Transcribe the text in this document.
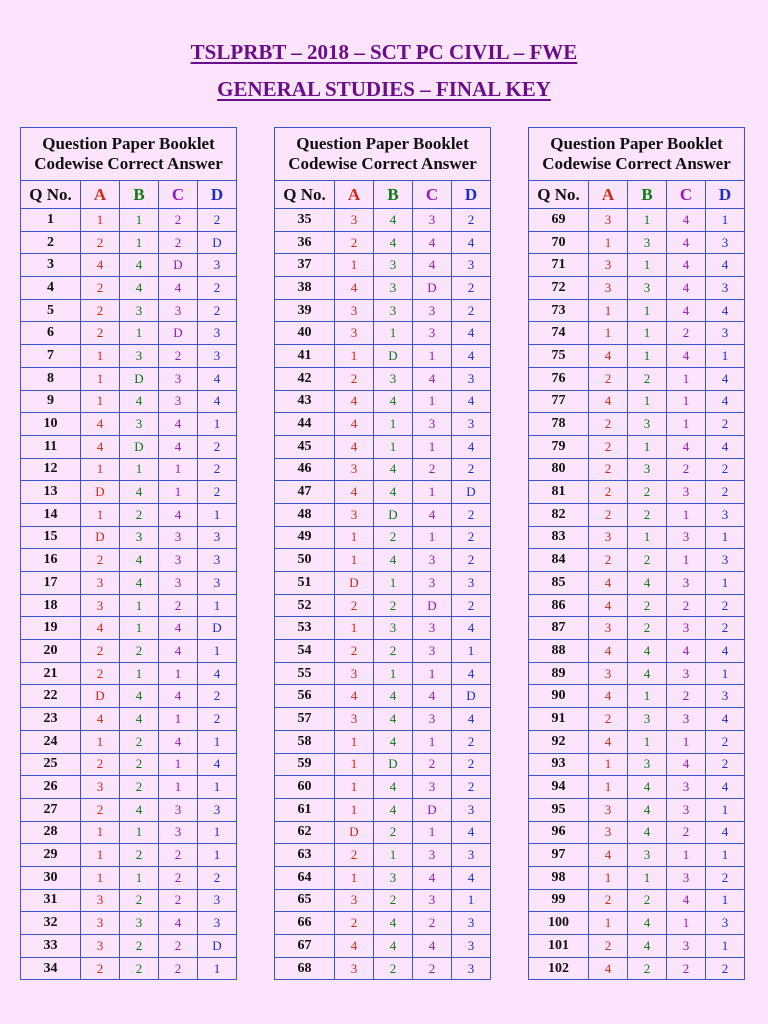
TSLPRBT – 2018 – SCT PC CIVIL – FWE
GENERAL STUDIES – FINAL KEY
Question Paper Booklet
Codewise Correct Answer				

Q No.	A	B	C	D
1	1	1	2	2
2	2	1	2	D
3	4	4	D	3
4	2	4	4	2
5	2	3	3	2
6	2	1	D	3
7	1	3	2	3
8	1	D	3	4
9	1	4	3	4
10	4	3	4	1
11	4	D	4	2
12	1	1	1	2
13	D	4	1	2
14	1	2	4	1
15	D	3	3	3
16	2	4	3	3
17	3	4	3	3
18	3	1	2	1
19	4	1	4	D
20	2	2	4	1
21	2	1	1	4
22	D	4	4	2
23	4	4	1	2
24	1	2	4	1
25	2	2	1	4
26	3	2	1	1
27	2	4	3	3
28	1	1	3	1
29	1	2	2	1
30	1	1	2	2
31	3	2	2	3
32	3	3	4	3
33	3	2	2	D
34	2	2	2	1
Question Paper Booklet
Codewise Correct Answer				

Q No.	A	B	C	D
35	3	4	3	2
36	2	4	4	4
37	1	3	4	3
38	4	3	D	2
39	3	3	3	2
40	3	1	3	4
41	1	D	1	4
42	2	3	4	3
43	4	4	1	4
44	4	1	3	3
45	4	1	1	4
46	3	4	2	2
47	4	4	1	D
48	3	D	4	2
49	1	2	1	2
50	1	4	3	2
51	D	1	3	3
52	2	2	D	2
53	1	3	3	4
54	2	2	3	1
55	3	1	1	4
56	4	4	4	D
57	3	4	3	4
58	1	4	1	2
59	1	D	2	2
60	1	4	3	2
61	1	4	D	3
62	D	2	1	4
63	2	1	3	3
64	1	3	4	4
65	3	2	3	1
66	2	4	2	3
67	4	4	4	3
68	3	2	2	3
Question Paper Booklet
Codewise Correct Answer				

Q No.	A	B	C	D
69	3	1	4	1
70	1	3	4	3
71	3	1	4	4
72	3	3	4	3
73	1	1	4	4
74	1	1	2	3
75	4	1	4	1
76	2	2	1	4
77	4	1	1	4
78	2	3	1	2
79	2	1	4	4
80	2	3	2	2
81	2	2	3	2
82	2	2	1	3
83	3	1	3	1
84	2	2	1	3
85	4	4	3	1
86	4	2	2	2
87	3	2	3	2
88	4	4	4	4
89	3	4	3	1
90	4	1	2	3
91	2	3	3	4
92	4	1	1	2
93	1	3	4	2
94	1	4	3	4
95	3	4	3	1
96	3	4	2	4
97	4	3	1	1
98	1	1	3	2
99	2	2	4	1
100	1	4	1	3
101	2	4	3	1
102	4	2	2	2
